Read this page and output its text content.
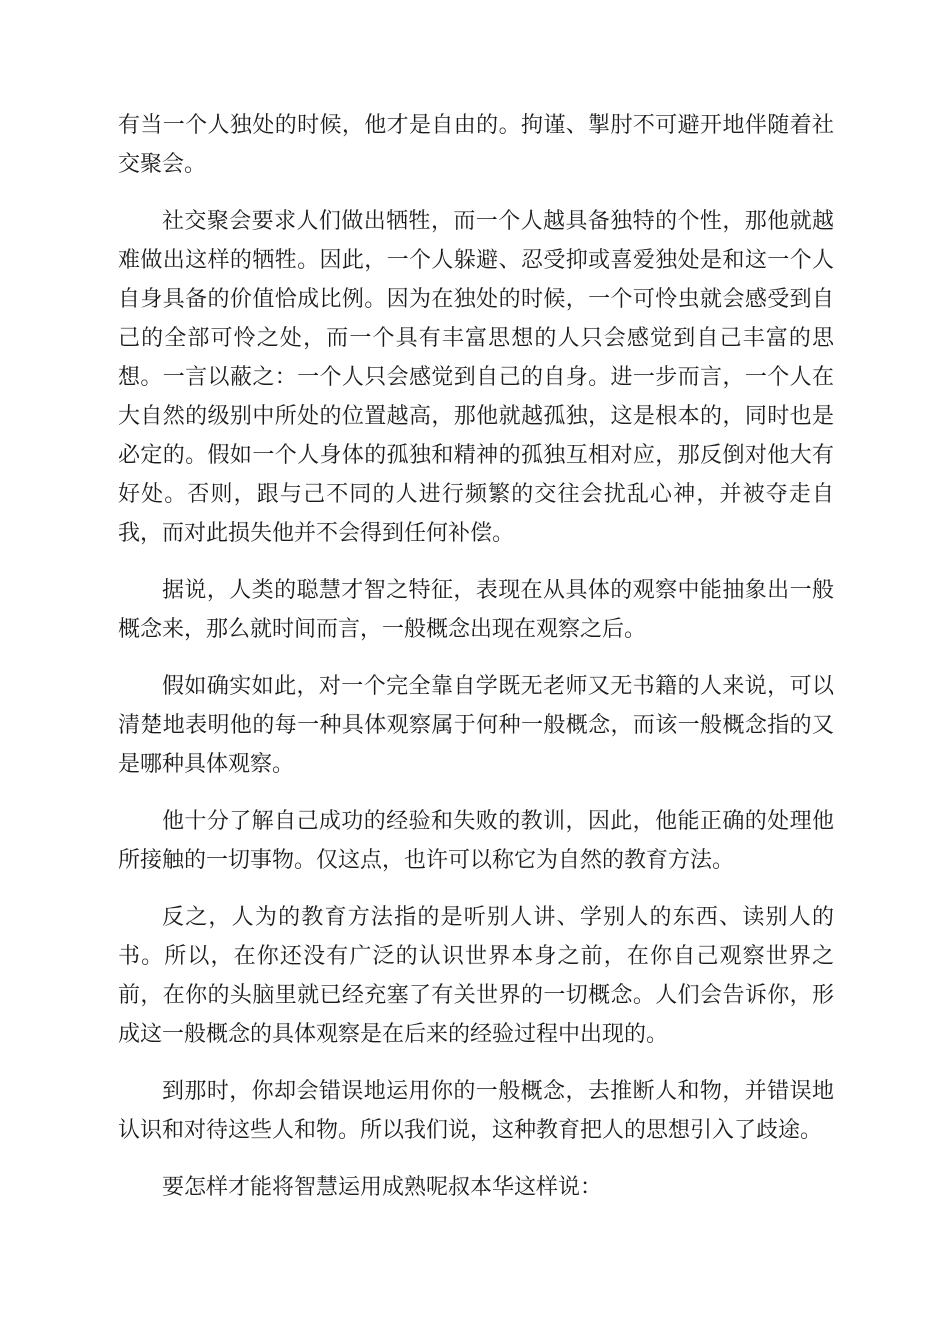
有当一个人独处的时候，他才是自由的。拘谨、掣肘不可避开地伴随着社交聚会。

社交聚会要求人们做出牺牲，而一个人越具备独特的个性，那他就越难做出这样的牺牲。因此，一个人躲避、忍受抑或喜爱独处是和这一个人自身具备的价值恰成比例。因为在独处的时候，一个可怜虫就会感受到自己的全部可怜之处，而一个具有丰富思想的人只会感觉到自己丰富的思想。一言以蔽之：一个人只会感觉到自己的自身。进一步而言，一个人在大自然的级别中所处的位置越高，那他就越孤独，这是根本的，同时也是必定的。假如一个人身体的孤独和精神的孤独互相对应，那反倒对他大有好处。否则，跟与己不同的人进行频繁的交往会扰乱心神，并被夺走自我，而对此损失他并不会得到任何补偿。

据说，人类的聪慧才智之特征，表现在从具体的观察中能抽象出一般概念来，那么就时间而言，一般概念出现在观察之后。

假如确实如此，对一个完全靠自学既无老师又无书籍的人来说，可以清楚地表明他的每一种具体观察属于何种一般概念，而该一般概念指的又是哪种具体观察。

他十分了解自己成功的经验和失败的教训，因此，他能正确的处理他所接触的一切事物。仅这点，也许可以称它为自然的教育方法。

反之，人为的教育方法指的是听别人讲、学别人的东西、读别人的书。所以，在你还没有广泛的认识世界本身之前，在你自己观察世界之前，在你的头脑里就已经充塞了有关世界的一切概念。人们会告诉你，形成这一般概念的具体观察是在后来的经验过程中出现的。

到那时，你却会错误地运用你的一般概念，去推断人和物，并错误地认识和对待这些人和物。所以我们说，这种教育把人的思想引入了歧途。

要怎样才能将智慧运用成熟呢叔本华这样说：
